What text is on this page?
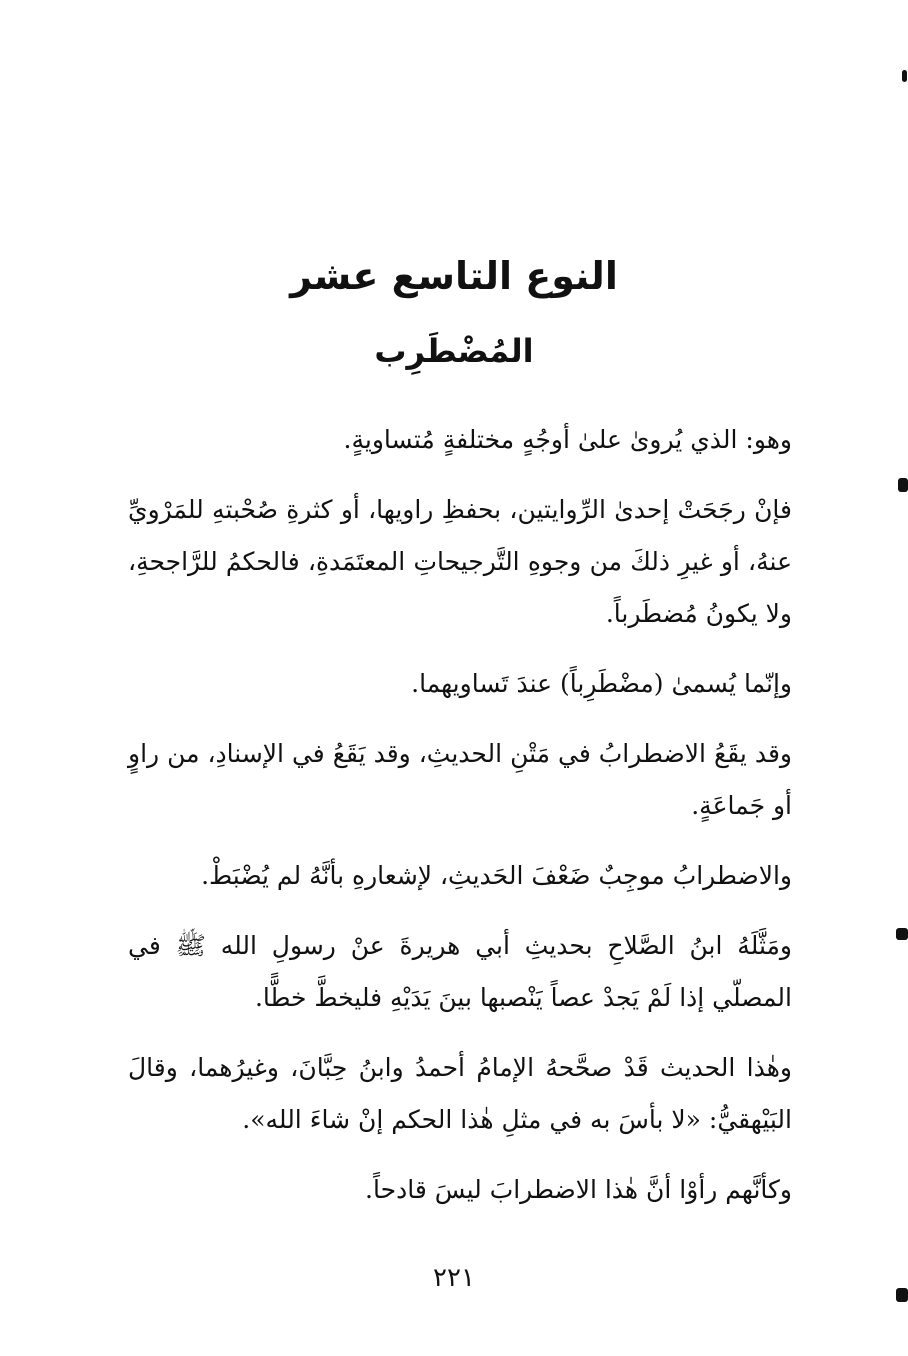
النوع التاسع عشر
المُضْطَرِب

وهو: الذي يُروىٰ علىٰ أوجُهٍ مختلفةٍ مُتساويةٍ.

فإنْ رجَحَتْ إحدىٰ الرِّوايتين، بحفظِ راويها، أو كثرةِ صُحْبتهِ للمَرْويِّ عنهُ، أو غيرِ ذلكَ من وجوهِ التَّرجيحاتِ المعتَمَدةِ، فالحكمُ للرَّاجحةِ، ولا يكونُ مُضطَرباً.

وإنّما يُسمىٰ (مضْطَرِباً) عندَ تَساويهما.

وقد يقَعُ الاضطرابُ في مَتْنِ الحديثِ، وقد يَقَعُ في الإسنادِ، من راوٍ أو جَماعَةٍ.

والاضطرابُ موجِبٌ ضَعْفَ الحَديثِ، لإشعارهِ بأنَّهُ لم يُضْبَطْ.

ومَثَّلَهُ ابنُ الصَّلاحِ بحديثِ أبي هريرةَ عنْ رسولِ الله ﷺ في المصلّي إذا لَمْ يَجدْ عصاً يَنْصبها بينَ يَدَيْهِ فليخطَّ خطًّا.

وهٰذا الحديث قَدْ صحَّحهُ الإمامُ أحمدُ وابنُ حِبَّانَ، وغيرُهما، وقالَ البَيْهقيُّ: «لا بأسَ به في مثلِ هٰذا الحكم إنْ شاءَ الله».

وكأنَّهم رأوْا أنَّ هٰذا الاضطرابَ ليسَ قادحاً.

٢٢١
